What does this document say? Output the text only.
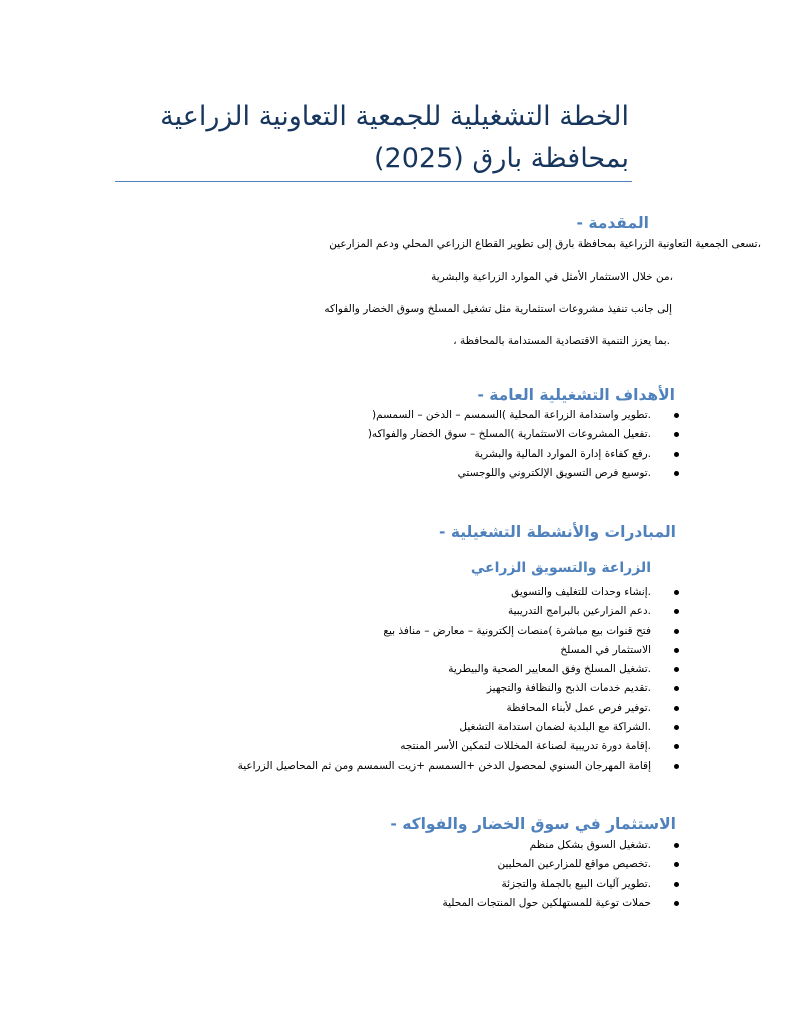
الخطة التشغيلية للجمعية التعاونية الزراعية بمحافظة بارق (2025)
المقدمة -
،تسعى الجمعية التعاونية الزراعية بمحافظة بارق إلى تطوير القطاع الزراعي المحلي ودعم المزارعين
،من خلال الاستثمار الأمثل في الموارد الزراعية والبشرية
إلى جانب تنفيذ مشروعات استثمارية مثل تشغيل المسلخ وسوق الخضار والفواكه
.بما يعزز التنمية الاقتصادية المستدامة بالمحافظة ،
الأهداف التشغيلية العامة -
.تطوير واستدامة الزراعة المحلية )السمسم – الدخن – السمسم(
.تفعيل المشروعات الاستثمارية )المسلخ – سوق الخضار والفواكه(
.رفع كفاءة إدارة الموارد المالية والبشرية
.توسيع فرص التسويق الإلكتروني واللوجستي
المبادرات والأنشطة التشغيلية -
الزراعة والتسويق الزراعي
.إنشاء وحدات للتغليف والتسويق
.دعم المزارعين بالبرامج التدريبية
فتح قنوات بيع مباشرة )منصات إلكترونية – معارض – منافذ بيع
الاستثمار في المسلخ
.تشغيل المسلخ وفق المعايير الصحية والبيطرية
.تقديم خدمات الذبح والنظافة والتجهيز
.توفير فرص عمل لأبناء المحافظة
.الشراكة مع البلدية لضمان استدامة التشغيل
.إقامة دورة تدريبية لصناعة المخللات لتمكين الأسر المنتجه
إقامة المهرجان السنوي لمحصول الدخن +السمسم +زيت السمسم ومن ثم المحاصيل الزراعية
الاستثمار في سوق الخضار والفواكه -
.تشغيل السوق بشكل منظم
.تخصيص مواقع للمزارعين المحليين
.تطوير آليات البيع بالجملة والتجزئة
حملات توعية للمستهلكين حول المنتجات المحلية
